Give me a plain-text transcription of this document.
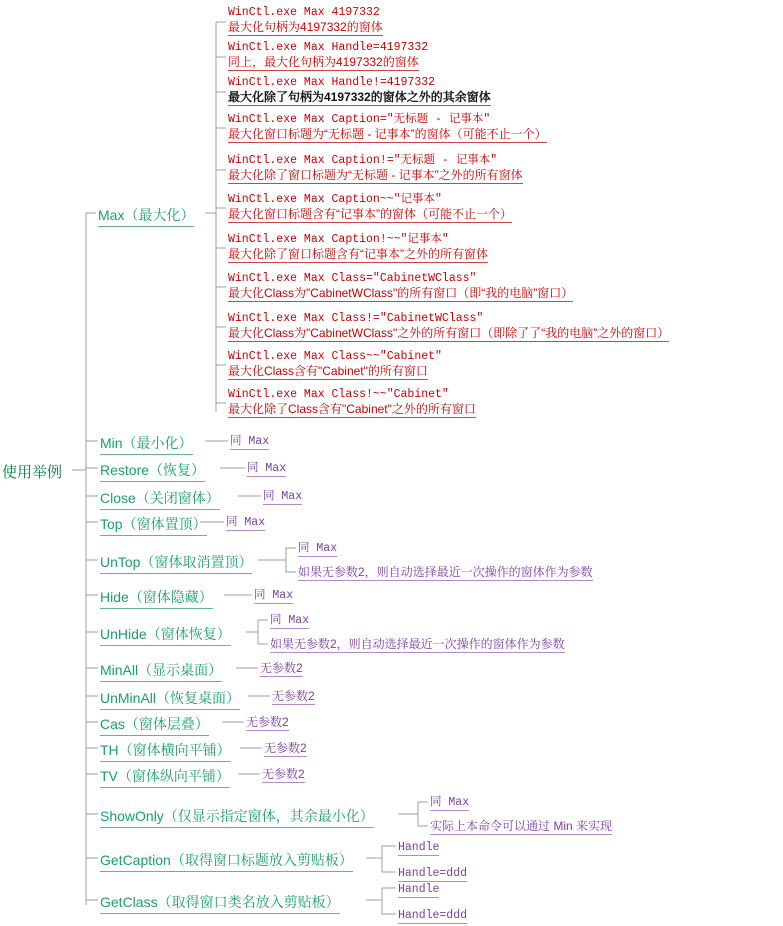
使用举例
Max（最大化）
WinCtl.exe Max 4197332
最大化句柄为4197332的窗体
WinCtl.exe Max Handle=4197332
同上，最大化句柄为4197332的窗体
WinCtl.exe Max Handle!=4197332
最大化除了句柄为4197332的窗体之外的其余窗体
WinCtl.exe Max Caption="无标题 - 记事本"
最大化窗口标题为“无标题 - 记事本”的窗体（可能不止一个）
WinCtl.exe Max Caption!="无标题 - 记事本"
最大化除了窗口标题为“无标题 - 记事本”之外的所有窗体
WinCtl.exe Max Caption~~"记事本"
最大化窗口标题含有“记事本”的窗体（可能不止一个）
WinCtl.exe Max Caption!~~"记事本"
最大化除了窗口标题含有“记事本”之外的所有窗体
WinCtl.exe Max Class="CabinetWClass"
最大化Class为"CabinetWClass"的所有窗口（即“我的电脑”窗口）
WinCtl.exe Max Class!="CabinetWClass"
最大化Class为"CabinetWClass"之外的所有窗口（即除了了“我的电脑”之外的窗口）
WinCtl.exe Max Class~~"Cabinet"
最大化Class含有"Cabinet"的所有窗口
WinCtl.exe Max Class!~~"Cabinet"
最大化除了Class含有"Cabinet"之外的所有窗口
Min（最小化）	同 Max
Restore（恢复）	同 Max
Close（关闭窗体）	同 Max
Top（窗体置顶） 同 Max
UnTop（窗体取消置顶）
同 Max
如果无参数2，则自动选择最近一次操作的窗体作为参数
Hide（窗体隐藏）	同 Max
UnHide（窗体恢复）
同 Max
如果无参数2，则自动选择最近一次操作的窗体作为参数
MinAll（显示桌面）	无参数2
UnMinAll（恢复桌面）	无参数2
Cas（窗体层叠）	无参数2
TH（窗体横向平铺）	无参数2
TV（窗体纵向平铺）	无参数2
ShowOnly（仅显示指定窗体，其余最小化）
同 Max
实际上本命令可以通过 Min 来实现
GetCaption（取得窗口标题放入剪贴板）
Handle
Handle=ddd
GetClass（取得窗口类名放入剪贴板）
Handle
Handle=ddd
